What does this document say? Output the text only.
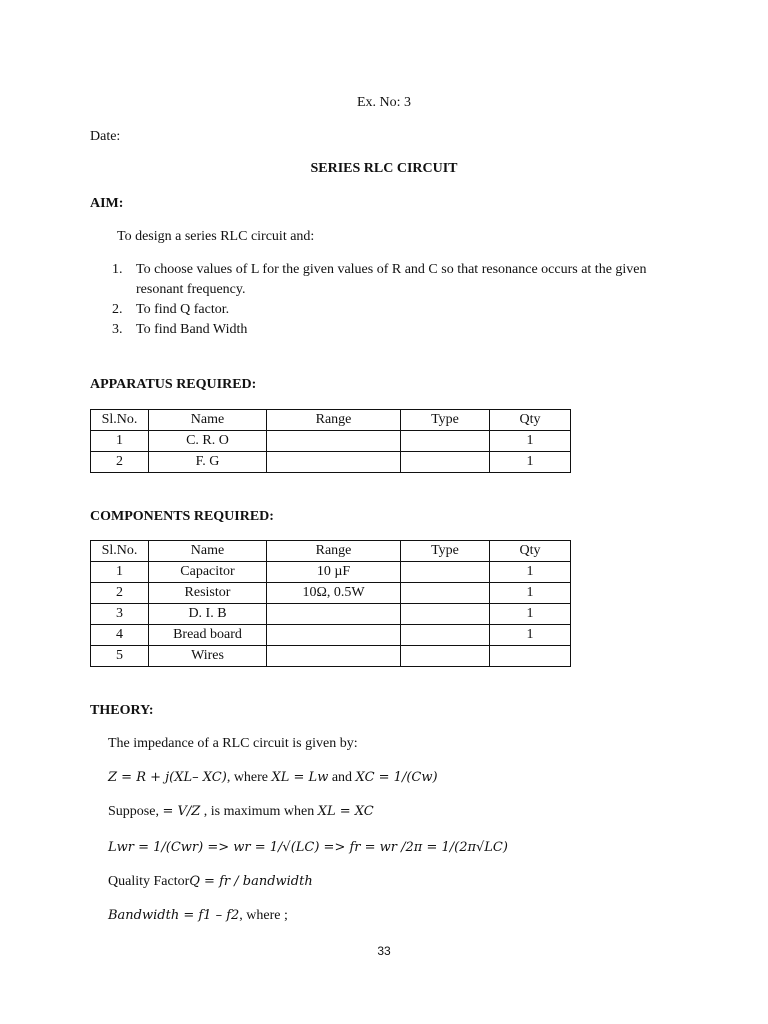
Ex. No: 3
Date:
SERIES RLC CIRCUIT
AIM:
To design a series RLC circuit and:
1. To choose values of L for the given values of R and C so that resonance occurs at the given
resonant frequency.
2. To find Q factor.
3. To find Band Width
APPARATUS REQUIRED:
Sl.No.	Name	Range	Type	Qty
1	C. R. O			1
2	F. G			1
COMPONENTS REQUIRED:
Sl.No.	Name	Range	Type	Qty
1	Capacitor	10 µF		1
2	Resistor	10Ω, 0.5W		1
3	D. I. B			1
4	Bread board			1
5	Wires			
THEORY:
The impedance of a RLC circuit is given by:
Z = R + j(XL– XC), where XL = Lw and XC = 1/(Cw)
Suppose, = V/Z , is maximum when XL = XC
Lwr = 1/(Cwr) => wr = 1/√(LC) => fr = wr /2π = 1/(2π√LC)
Quality FactorQ = fr / bandwidth
Bandwidth = f1 – f2, where ;
33
